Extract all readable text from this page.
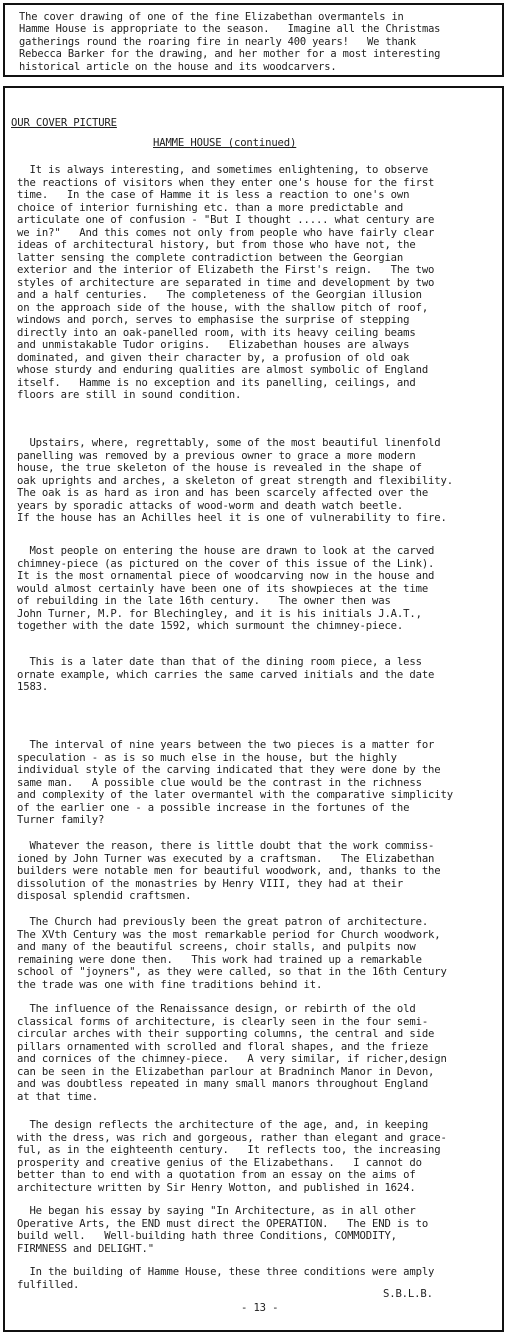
The cover drawing of one of the fine Elizabethan overmantels in
Hamme House is appropriate to the season.   Imagine all the Christmas
gatherings round the roaring fire in nearly 400 years!   We thank
Rebecca Barker for the drawing, and her mother for a most interesting
historical article on the house and its woodcarvers.

OUR COVER PICTURE

HAMME HOUSE (continued)

It is always interesting, and sometimes enlightening, to observe
the reactions of visitors when they enter one's house for the first
time.   In the case of Hamme it is less a reaction to one's own
choice of interior furnishing etc. than a more predictable and
articulate one of confusion - "But I thought ..... what century are
we in?"   And this comes not only from people who have fairly clear
ideas of architectural history, but from those who have not, the
latter sensing the complete contradiction between the Georgian
exterior and the interior of Elizabeth the First's reign.   The two
styles of architecture are separated in time and development by two
and a half centuries.   The completeness of the Georgian illusion
on the approach side of the house, with the shallow pitch of roof,
windows and porch, serves to emphasise the surprise of stepping
directly into an oak-panelled room, with its heavy ceiling beams
and unmistakable Tudor origins.   Elizabethan houses are always
dominated, and given their character by, a profusion of old oak
whose sturdy and enduring qualities are almost symbolic of England
itself.   Hamme is no exception and its panelling, ceilings, and
floors are still in sound condition.

Upstairs, where, regrettably, some of the most beautiful linenfold
panelling was removed by a previous owner to grace a more modern
house, the true skeleton of the house is revealed in the shape of
oak uprights and arches, a skeleton of great strength and flexibility.
The oak is as hard as iron and has been scarcely affected over the
years by sporadic attacks of wood-worm and death watch beetle.
If the house has an Achilles heel it is one of vulnerability to fire.

Most people on entering the house are drawn to look at the carved
chimney-piece (as pictured on the cover of this issue of the Link).
It is the most ornamental piece of woodcarving now in the house and
would almost certainly have been one of its showpieces at the time
of rebuilding in the late 16th century.   The owner then was
John Turner, M.P. for Blechingley, and it is his initials J.A.T.,
together with the date 1592, which surmount the chimney-piece.

This is a later date than that of the dining room piece, a less
ornate example, which carries the same carved initials and the date
1583.

The interval of nine years between the two pieces is a matter for
speculation - as is so much else in the house, but the highly
individual style of the carving indicated that they were done by the
same man.   A possible clue would be the contrast in the richness
and complexity of the later overmantel with the comparative simplicity
of the earlier one - a possible increase in the fortunes of the
Turner family?

Whatever the reason, there is little doubt that the work commiss-
ioned by John Turner was executed by a craftsman.   The Elizabethan
builders were notable men for beautiful woodwork, and, thanks to the
dissolution of the monastries by Henry VIII, they had at their
disposal splendid craftsmen.

The Church had previously been the great patron of architecture.
The XVth Century was the most remarkable period for Church woodwork,
and many of the beautiful screens, choir stalls, and pulpits now
remaining were done then.   This work had trained up a remarkable
school of "joyners", as they were called, so that in the 16th Century
the trade was one with fine traditions behind it.

The influence of the Renaissance design, or rebirth of the old
classical forms of architecture, is clearly seen in the four semi-
circular arches with their supporting columns, the central and side
pillars ornamented with scrolled and floral shapes, and the frieze
and cornices of the chimney-piece.   A very similar, if richer,design
can be seen in the Elizabethan parlour at Bradninch Manor in Devon,
and was doubtless repeated in many small manors throughout England
at that time.

The design reflects the architecture of the age, and, in keeping
with the dress, was rich and gorgeous, rather than elegant and grace-
ful, as in the eighteenth century.   It reflects too, the increasing
prosperity and creative genius of the Elizabethans.   I cannot do
better than to end with a quotation from an essay on the aims of
architecture written by Sir Henry Wotton, and published in 1624.

He began his essay by saying "In Architecture, as in all other
Operative Arts, the END must direct the OPERATION.   The END is to
build well.   Well-building hath three Conditions, COMMODITY,
FIRMNESS and DELIGHT."

In the building of Hamme House, these three conditions were amply
fulfilled.

S.B.L.B.

- 13 -
